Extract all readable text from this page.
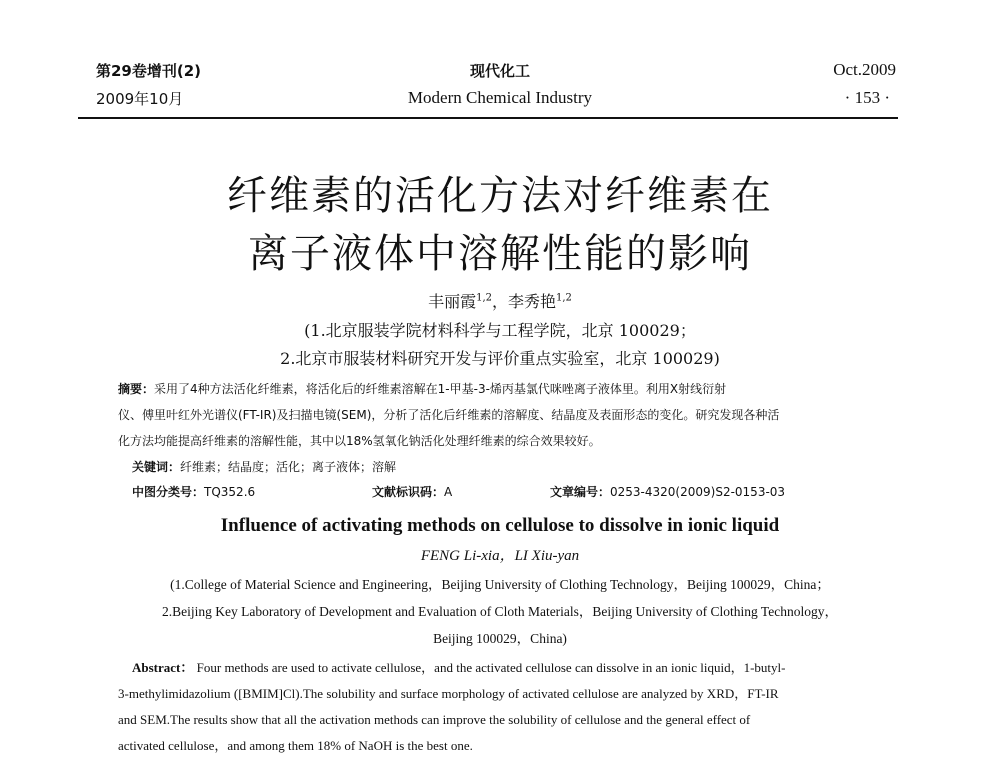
第29卷增刊(2)
2009年10月
现代化工
Modern Chemical Industry
Oct.2009
· 153 ·
纤维素的活化方法对纤维素在
离子液体中溶解性能的影响
丰丽霞$^{1,2}$，李秀艳$^{1,2}$
(1.北京服装学院材料科学与工程学院，北京 100029；
2.北京市服装材料研究开发与评价重点实验室，北京 100029)
摘要：采用了4种方法活化纤维素，将活化后的纤维素溶解在1-甲基-3-烯丙基氯代咪唑离子液体里。利用X射线衍射
仪、傅里叶红外光谱仪(FT-IR)及扫描电镜(SEM)，分析了活化后纤维素的溶解度、结晶度及表面形态的变化。研究发现各种活
化方法均能提高纤维素的溶解性能，其中以18%氢氧化钠活化处理纤维素的综合效果较好。
关键词：纤维素；结晶度；活化；离子液体；溶解
中图分类号：TQ352.6	文献标识码：A	文章编号：0253-4320(2009)S2-0153-03
Influence of activating methods on cellulose to dissolve in ionic liquid
FENG Li-xia，LI Xiu-yan
(1.College of Material Science and Engineering，Beijing University of Clothing Technology，Beijing 100029，China；
2.Beijing Key Laboratory of Development and Evaluation of Cloth Materials，Beijing University of Clothing Technology，
Beijing 100029，China)
Abstract： Four methods are used to activate cellulose，and the activated cellulose can dissolve in an ionic liquid，1-butyl-
3-methylimidazolium ([BMIM]Cl).The solubility and surface morphology of activated cellulose are analyzed by XRD，FT-IR
and SEM.The results show that all the activation methods can improve the solubility of cellulose and the general effect of
activated cellulose，and among them 18% of NaOH is the best one.
